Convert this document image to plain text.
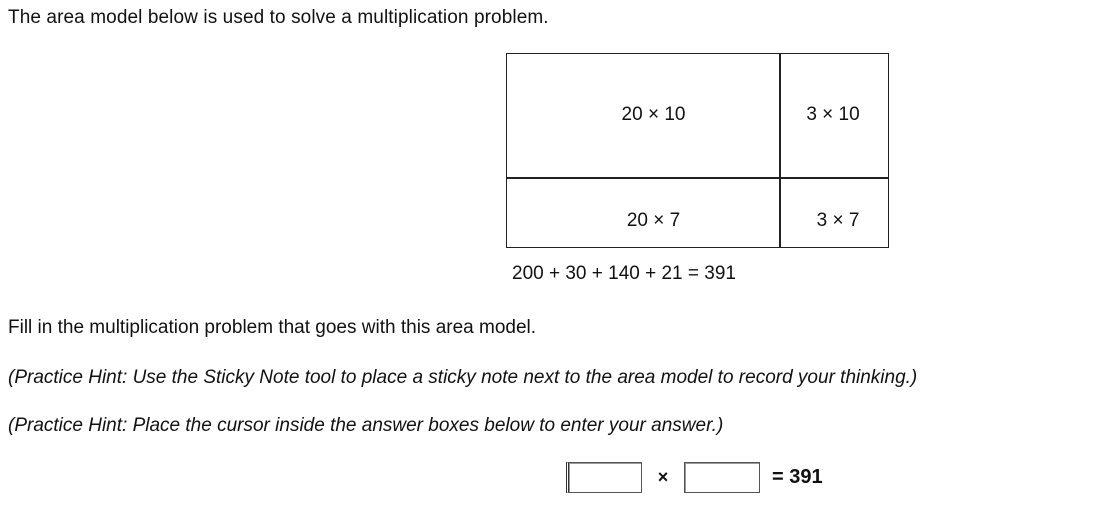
The area model below is used to solve a multiplication problem.
20 × 10	3 × 10
20 × 7	3 × 7
200 + 30 + 140 + 21 = 391
Fill in the multiplication problem that goes with this area model.
(Practice Hint: Use the Sticky Note tool to place a sticky note next to the area model to record your thinking.)
(Practice Hint: Place the cursor inside the answer boxes below to enter your answer.)
×	= 391
